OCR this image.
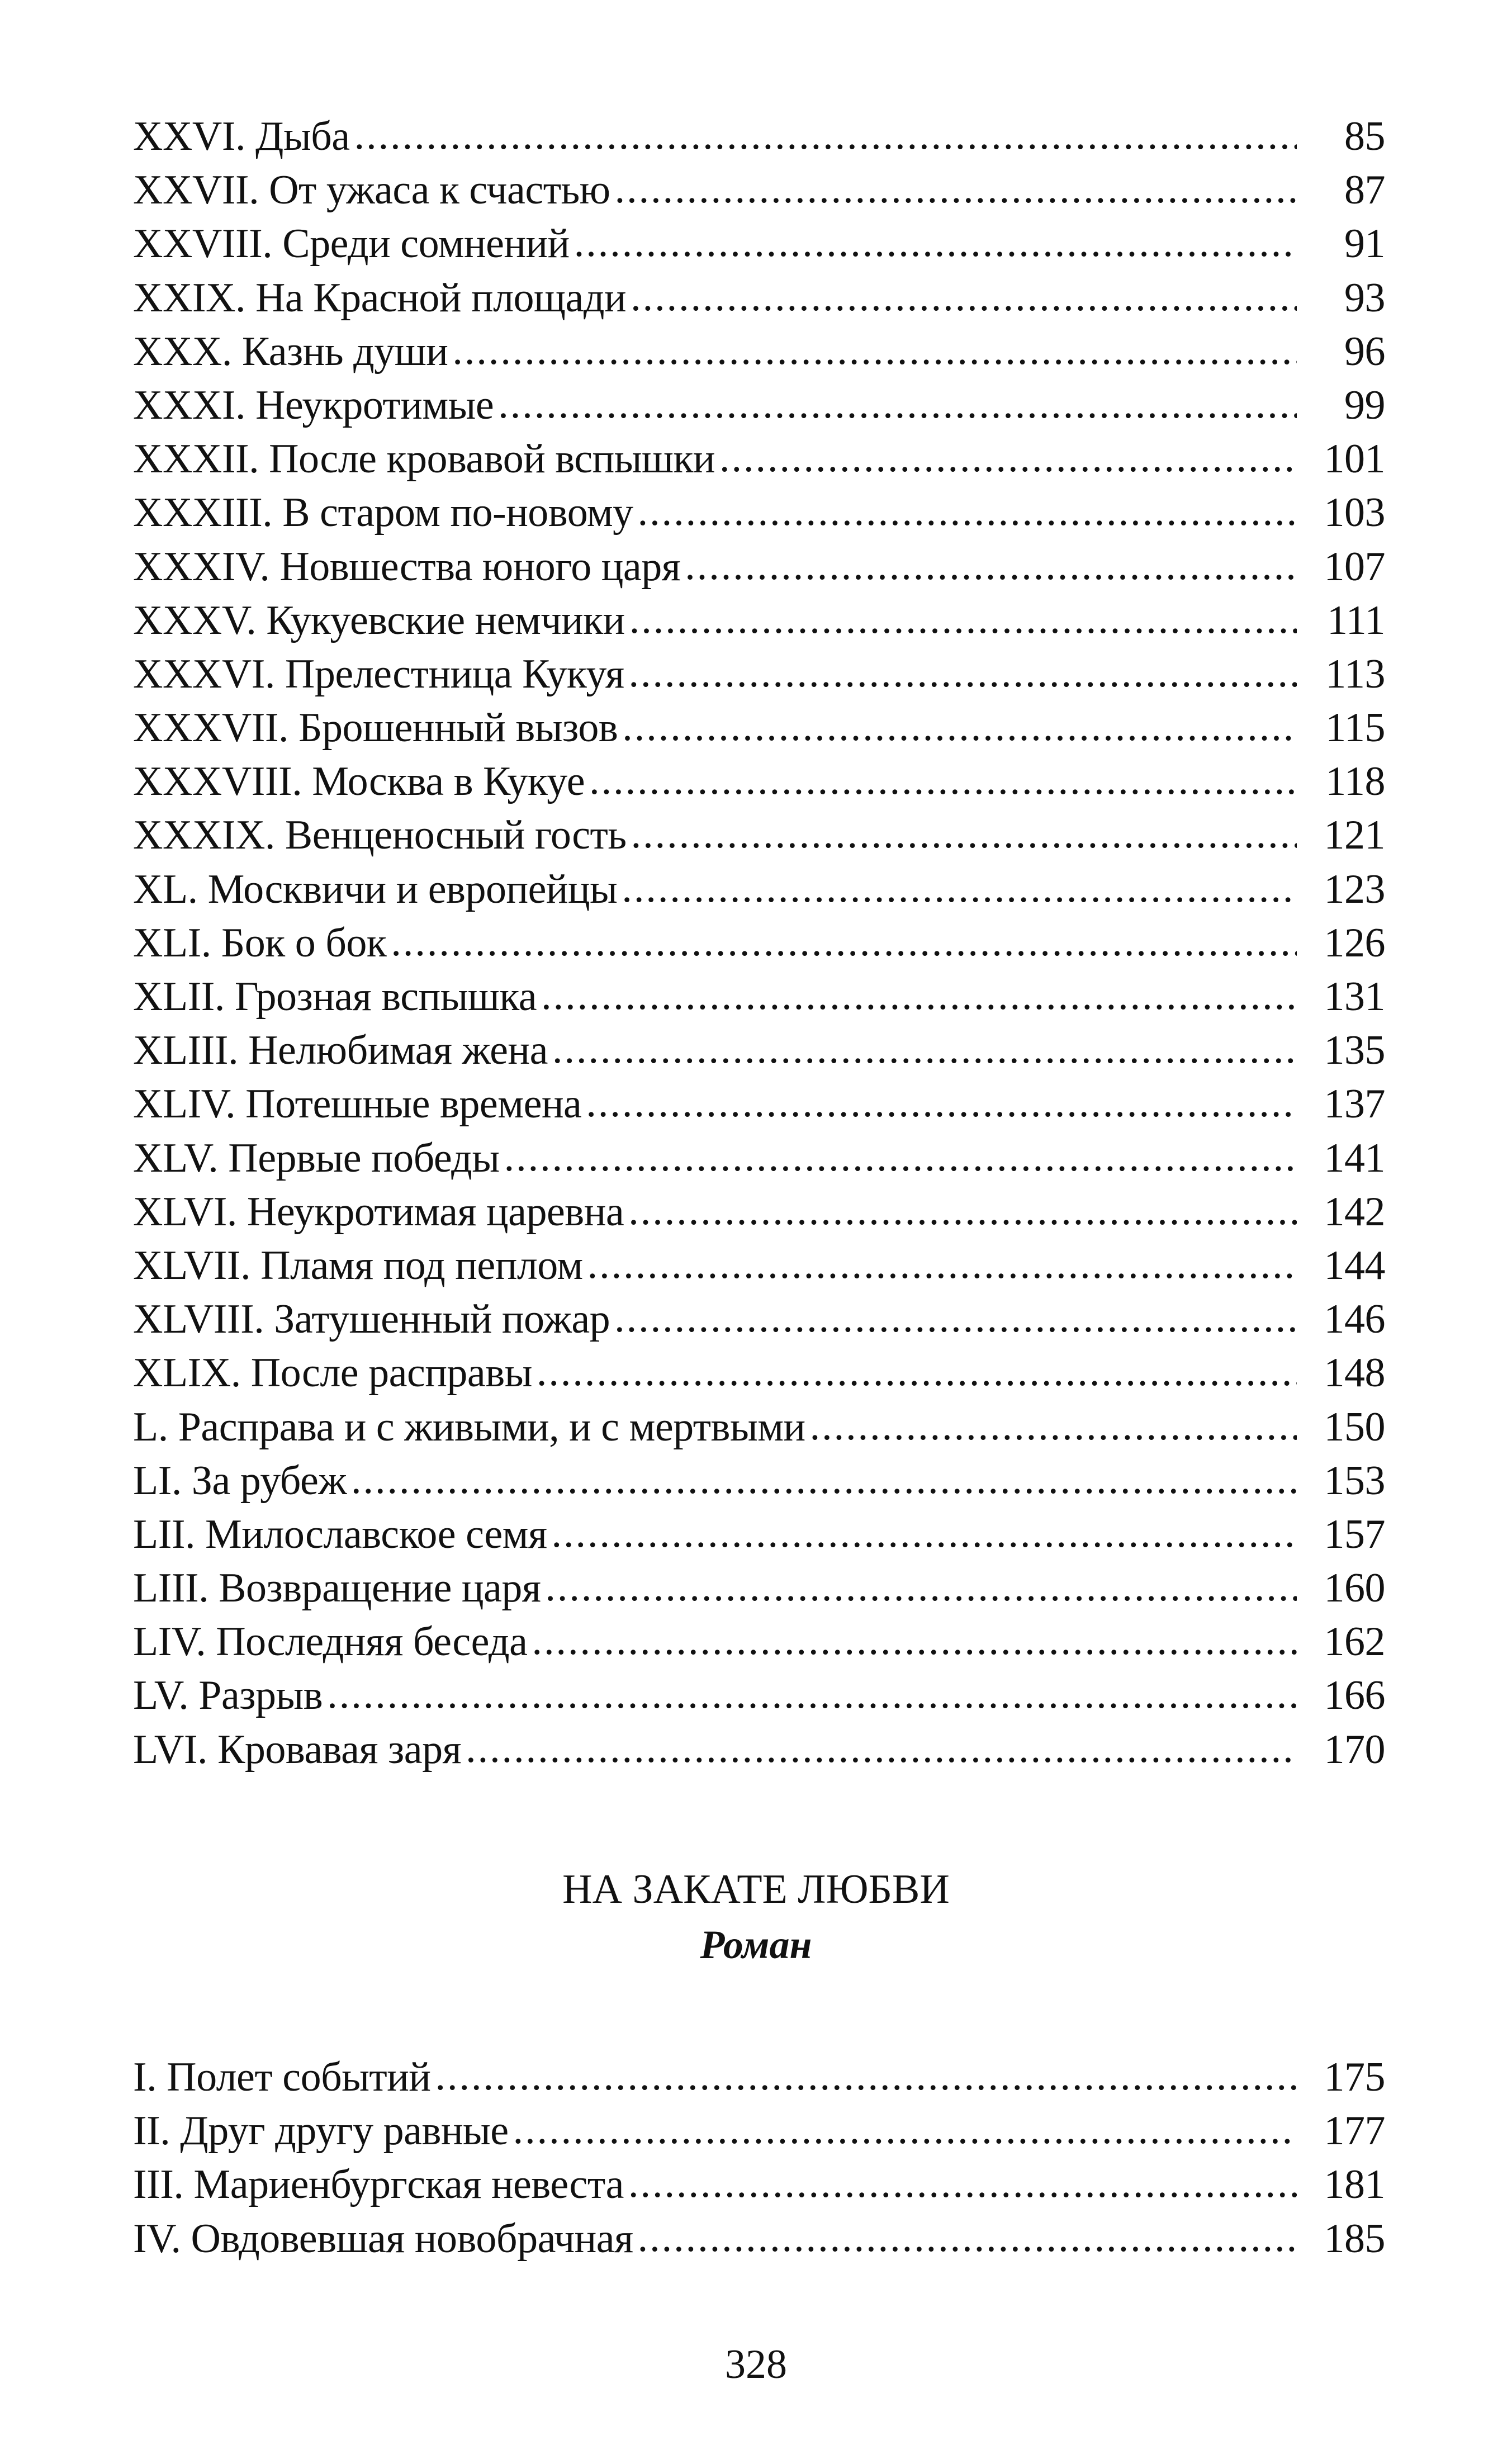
XXVI. Дыба .....	85
XXVII. От ужаса к счастью .....	87
XXVIII. Среди сомнений .....	91
XXIX. На Красной площади .....	93
XXX. Казнь души .....	96
XXXI. Неукротимые .....	99
XXXII. После кровавой вспышки .....	101
XXXIII. В старом по-новому .....	103
XXXIV. Новшества юного царя .....	107
XXXV. Кукуевские немчики .....	111
XXXVI. Прелестница Кукуя .....	113
XXXVII. Брошенный вызов .....	115
XXXVIII. Москва в Кукуе .....	118
XXXIX. Венценосный гость .....	121
XL. Москвичи и европейцы .....	123
XLI. Бок о бок .....	126
XLII. Грозная вспышка .....	131
XLIII. Нелюбимая жена .....	135
XLIV. Потешные времена .....	137
XLV. Первые победы .....	141
XLVI. Неукротимая царевна .....	142
XLVII. Пламя под пеплом .....	144
XLVIII. Затушенный пожар .....	146
XLIX. После расправы .....	148
L. Расправа и с живыми, и с мертвыми .....	150
LI. За рубеж .....	153
LII. Милославское семя .....	157
LIII. Возвращение царя .....	160
LIV. Последняя беседа .....	162
LV. Разрыв .....	166
LVI. Кровавая заря .....	170
НА ЗАКАТЕ ЛЮБВИ
Роман
I. Полет событий .....	175
II. Друг другу равные .....	177
III. Мариенбургская невеста .....	181
IV. Овдовевшая новобрачная .....	185
328
